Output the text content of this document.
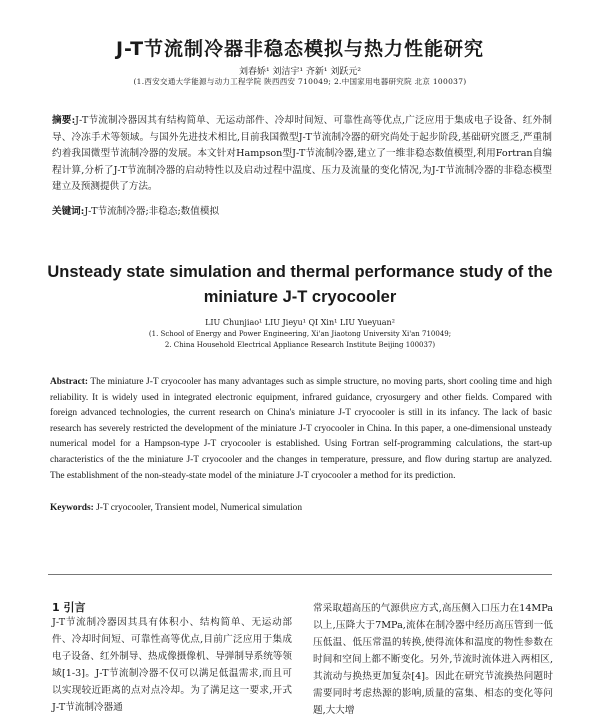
J-T节流制冷器非稳态模拟与热力性能研究
刘春娇¹ 刘洁宇¹ 齐新¹ 刘跃元²
(1.西安交通大学能源与动力工程学院 陕西西安 710049; 2.中国家用电器研究院 北京 100037)
摘要:J-T节流制冷器因其有结构简单、无运动部件、冷却时间短、可靠性高等优点,广泛应用于集成电子设备、红外制导、冷冻手术等领域。与国外先进技术相比,目前我国微型J-T节流制冷器的研究尚处于起步阶段,基础研究匮乏,严重制约着我国微型节流制冷器的发展。本文针对Hampson型J-T节流制冷器,建立了一维非稳态数值模型,利用Fortran自编程计算,分析了J-T节流制冷器的启动特性以及启动过程中温度、压力及流量的变化情况,为J-T节流制冷器的非稳态模型建立及预测提供了方法。
关键词:J-T节流制冷器;非稳态;数值模拟
Unsteady state simulation and thermal performance study of the miniature J-T cryocooler
LIU Chunjiao¹ LIU Jieyu¹ QI Xin¹ LIU Yueyuan²

(1. School of Energy and Power Engineering, Xi'an Jiaotong University Xi'an 710049;

2. China Household Electrical Appliance Research Institute Beijing 100037)

Abstract: The miniature J-T cryocooler has many advantages such as simple structure, no moving parts, short cooling time and high reliability. It is widely used in integrated electronic equipment, infrared guidance, cryosurgery and other fields. Compared with foreign advanced technologies, the current research on China's miniature J-T cryocooler is still in its infancy. The lack of basic research has severely restricted the development of the miniature J-T cryocooler in China. In this paper, a one-dimensional unsteady numerical model for a Hampson-type J-T cryocooler is established. Using Fortran self-programming calculations, the start-up characteristics of the the miniature J-T cryocooler and the changes in temperature, pressure, and flow during startup are analyzed. The establishment of the non-steady-state model of the miniature J-T cryocooler a method for its prediction.
Keywords: J-T cryocooler, Transient model, Numerical simulation
1 引言
J-T节流制冷器因其具有体积小、结构简单、无运动部件、冷却时间短、可靠性高等优点,目前广泛应用于集成电子设备、红外制导、热成像摄像机、导弹制导系统等领域[1-3]。J-T节流制冷器不仅可以满足低温需求,而且可以实现较近距离的点对点冷却。为了满足这一要求,开式J-T节流制冷器通
常采取超高压的气源供应方式,高压侧入口压力在14MPa以上,压降大于7MPa,流体在制冷器中经历高压管到一低压低温、低压常温的转换,使得流体和温度的物性参数在时间和空间上都不断变化。另外,节流时流体进入两相区,其流动与换热更加复杂[4]。因此在研究节流换热问题时需要同时考虑热源的影响,质量的富集、相态的变化等问题,大大增
